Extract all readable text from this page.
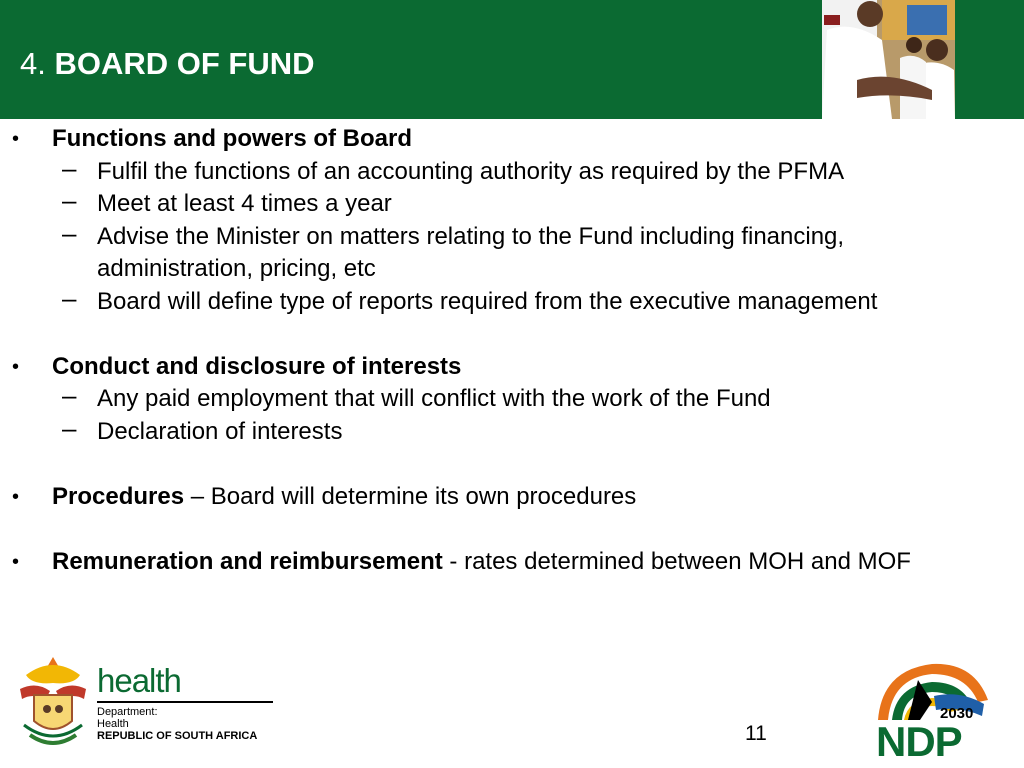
4. BOARD OF FUND
• Functions and powers of Board
– Fulfil the functions of an accounting authority as required by the PFMA
– Meet at least 4 times a year
– Advise the Minister on matters relating to the Fund including financing, administration, pricing, etc
– Board will define type of reports required from the executive management
• Conduct and disclosure of interests
– Any paid employment that will conflict with the work of the Fund
– Declaration of interests
• Procedures – Board will determine its own procedures
• Remuneration and reimbursement - rates determined between MOH and MOF
health
Department:
Health
REPUBLIC OF SOUTH AFRICA	11
2030
NDP
